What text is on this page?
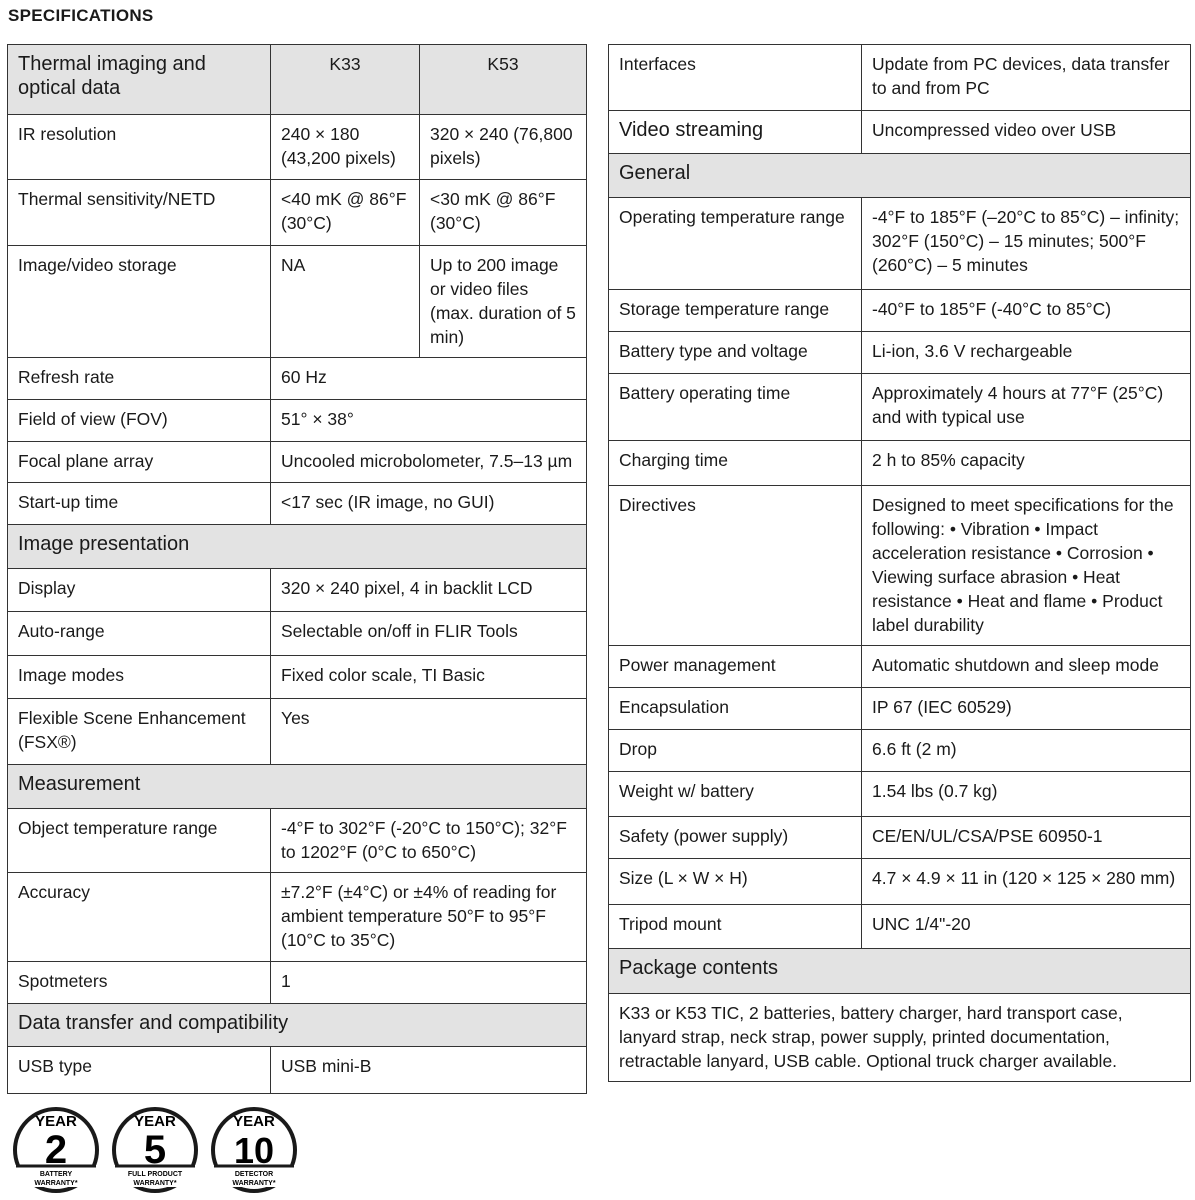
SPECIFICATIONS
Thermal imaging and optical data	K33	K53
IR resolution	240 × 180 (43,200 pixels)	320 × 240 (76,800 pixels)
Thermal sensitivity/NETD	<40 mK @ 86°F (30°C)	<30 mK @ 86°F (30°C)
Image/video storage	NA	Up to 200 image or video files (max. duration of 5 min)
Refresh rate	60 Hz	
Field of view (FOV)	51° × 38°	
Focal plane array	Uncooled microbolometer, 7.5–13 µm	
Start-up time	<17 sec (IR image, no GUI)	
Image presentation		
Display	320 × 240 pixel, 4 in backlit LCD	
Auto-range	Selectable on/off in FLIR Tools	
Image modes	Fixed color scale, TI Basic	
Flexible Scene Enhancement (FSX®)	Yes	
Measurement		
Object temperature range	-4°F to 302°F (-20°C to 150°C); 32°F to 1202°F (0°C to 650°C)	
Accuracy	±7.2°F (±4°C) or ±4% of reading for ambient temperature 50°F to 95°F (10°C to 35°C)	
Spotmeters	1	
Data transfer and compatibility		
USB type	USB mini-B	
Interfaces	Update from PC devices, data transfer to and from PC
Video streaming	Uncompressed video over USB
General	
Operating temperature range	-4°F to 185°F (–20°C to 85°C) – infinity; 302°F (150°C) – 15 minutes; 500°F (260°C) – 5 minutes
Storage temperature range	-40°F to 185°F (-40°C to 85°C)
Battery type and voltage	Li-ion, 3.6 V rechargeable
Battery operating time	Approximately 4 hours at 77°F (25°C) and with typical use
Charging time	2 h to 85% capacity
Directives	Designed to meet specifications for the following: • Vibration • Impact acceleration resistance • Corrosion • Viewing surface abrasion • Heat resistance • Heat and flame • Product label durability
Power management	Automatic shutdown and sleep mode
Encapsulation	IP 67 (IEC 60529)
Drop	6.6 ft (2 m)
Weight w/ battery	1.54 lbs (0.7 kg)
Safety (power supply)	CE/EN/UL/CSA/PSE 60950-1
Size (L × W × H)	4.7 × 4.9 × 11 in (120 × 125 × 280 mm)
Tripod mount	UNC 1/4"-20
Package contents	
K33 or K53 TIC, 2 batteries, battery charger, hard transport case, lanyard strap, neck strap, power supply, printed documentation, retractable lanyard, USB cable. Optional truck charger available.	
YEAR
2
BATTERY
WARRANTY*
YEAR
5
FULL PRODUCT
WARRANTY*
YEAR
10
DETECTOR
WARRANTY*
